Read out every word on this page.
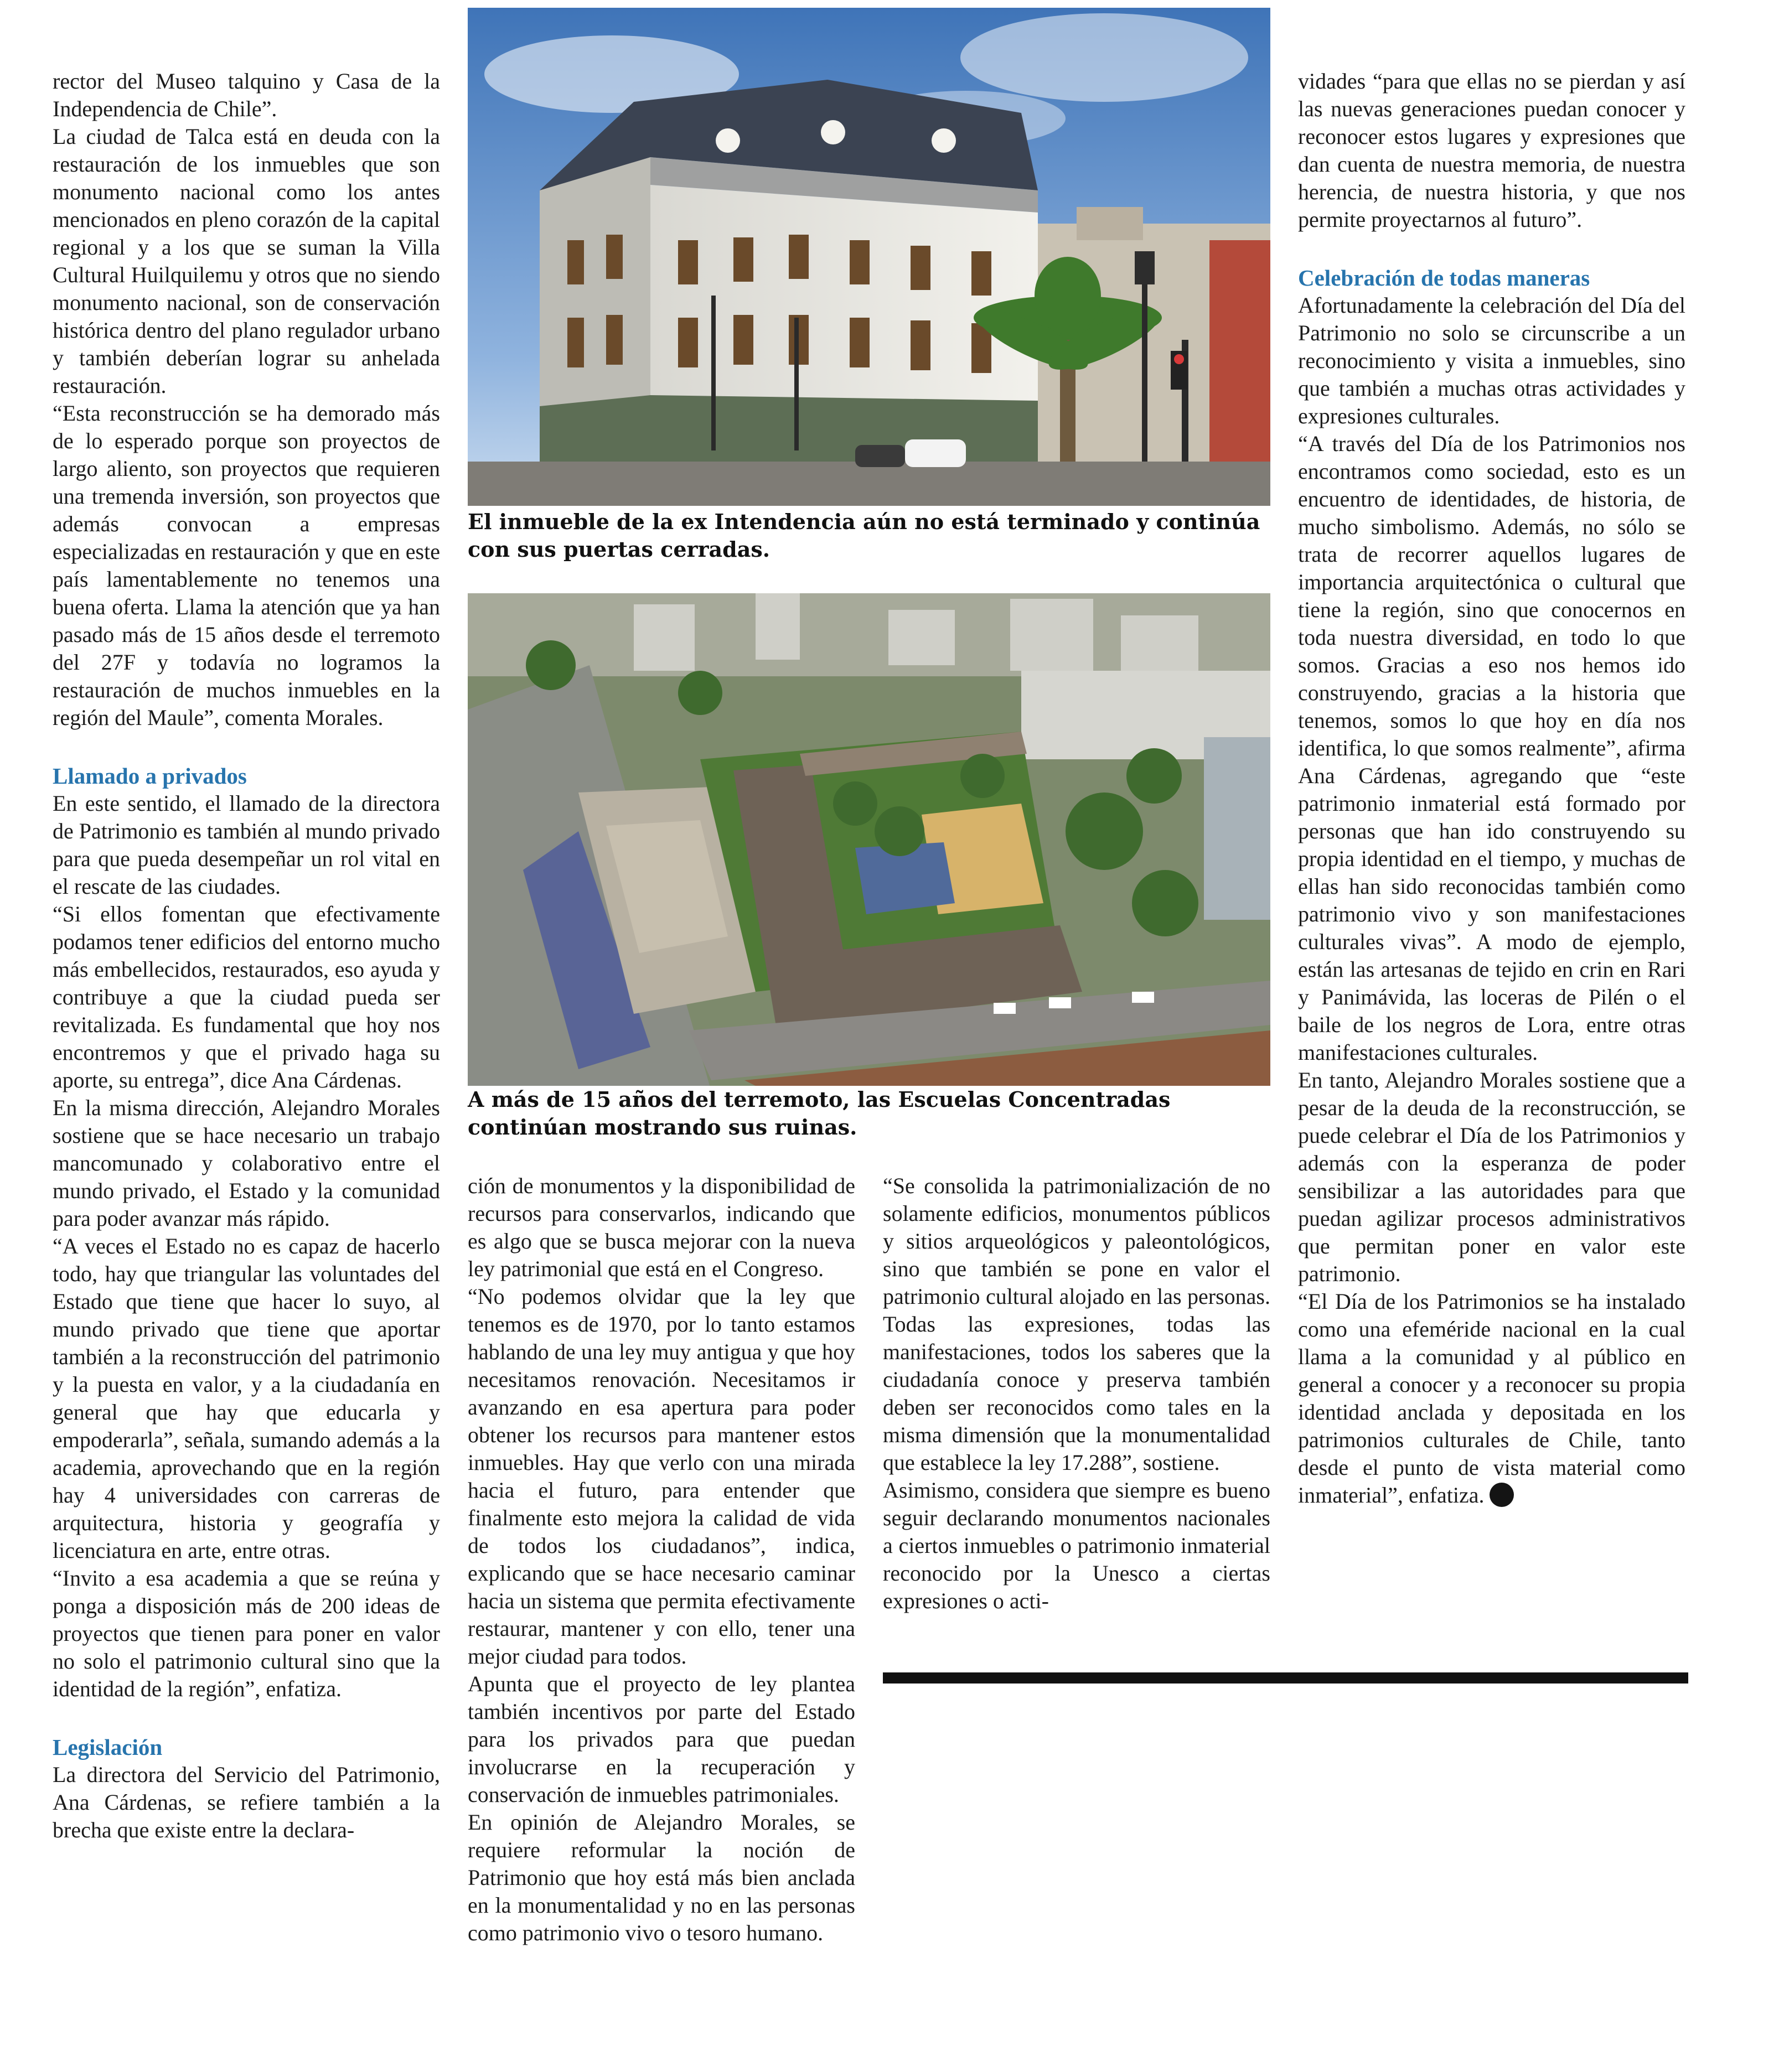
rector del Museo talquino y Casa de la Independencia de Chile”.

La ciudad de Talca está en deuda con la restauración de los inmuebles que son monumento nacional como los antes mencionados en pleno corazón de la capital regional y a los que se suman la Villa Cultural Huilquilemu y otros que no siendo monumento nacional, son de conservación histórica dentro del plano regulador urbano y también deberían lograr su anhelada restauración.

“Esta reconstrucción se ha demorado más de lo esperado porque son proyectos de largo aliento, son proyectos que requieren una tremenda inversión, son proyectos que además convocan a empresas especializadas en restauración y que en este país lamentablemente no tenemos una buena oferta. Llama la atención que ya han pasado más de 15 años desde el terremoto del 27F y todavía no logramos la restauración de muchos inmuebles en la región del Maule”, comenta Morales.

Llamado a privados

En este sentido, el llamado de la directora de Patrimonio es también al mundo privado para que pueda desempeñar un rol vital en el rescate de las ciudades.

“Si ellos fomentan que efectivamente podamos tener edificios del entorno mucho más embellecidos, restaurados, eso ayuda y contribuye a que la ciudad pueda ser revitalizada. Es fundamental que hoy nos encontremos y que el privado haga su aporte, su entrega”, dice Ana Cárdenas.

En la misma dirección, Alejandro Morales sostiene que se hace necesario un trabajo mancomunado y colaborativo entre el mundo privado, el Estado y la comunidad para poder avanzar más rápido.

“A veces el Estado no es capaz de hacerlo todo, hay que triangular las voluntades del Estado que tiene que hacer lo suyo, al mundo privado que tiene que aportar también a la reconstrucción del patrimonio y la puesta en valor, y a la ciudadanía en general que hay que educarla y empoderarla”, señala, sumando además a la academia, aprovechando que en la región hay 4 universidades con carreras de arquitectura, historia y geografía y licenciatura en arte, entre otras.

“Invito a esa academia a que se reúna y ponga a disposición más de 200 ideas de proyectos que tienen para poner en valor no solo el patrimonio cultural sino que la identidad de la región”, enfatiza.

Legislación

La directora del Servicio del Patrimonio, Ana Cárdenas, se refiere también a la brecha que existe entre la declara-

El inmueble de la ex Intendencia aún no está terminado y continúa con sus puertas cerradas.
A más de 15 años del terremoto, las Escuelas Concentradas continúan mostrando sus ruinas.

ción de monumentos y la disponibilidad de recursos para conservarlos, indicando que es algo que se busca mejorar con la nueva ley patrimonial que está en el Congreso.

“No podemos olvidar que la ley que tenemos es de 1970, por lo tanto estamos hablando de una ley muy antigua y que hoy necesitamos renovación. Necesitamos ir avanzando en esa apertura para poder obtener los recursos para mantener estos inmuebles. Hay que verlo con una mirada hacia el futuro, para entender que finalmente esto mejora la calidad de vida de todos los ciudadanos”, indica, explicando que se hace necesario caminar hacia un sistema que permita efectivamente restaurar, mantener y con ello, tener una mejor ciudad para todos.

Apunta que el proyecto de ley plantea también incentivos por parte del Estado para los privados para que puedan involucrarse en la recuperación y conservación de inmuebles patrimoniales.

En opinión de Alejandro Morales, se requiere reformular la noción de Patrimonio que hoy está más bien anclada en la monumentalidad y no en las personas como patrimonio vivo o tesoro humano.

“Se consolida la patrimonialización de no solamente edificios, monumentos públicos y sitios arqueológicos y paleontológicos, sino que también se pone en valor el patrimonio cultural alojado en las personas. Todas las expresiones, todas las manifestaciones, todos los saberes que la ciudadanía conoce y preserva también deben ser reconocidos como tales en la misma dimensión que la monumentalidad que establece la ley 17.288”, sostiene.

Asimismo, considera que siempre es bueno seguir declarando monumentos nacionales a ciertos inmuebles o patrimonio inmaterial reconocido por la Unesco a ciertas expresiones o acti-

vidades “para que ellas no se pierdan y así las nuevas generaciones puedan conocer y reconocer estos lugares y expresiones que dan cuenta de nuestra memoria, de nuestra herencia, de nuestra historia, y que nos permite proyectarnos al futuro”.

Celebración de todas maneras

Afortunadamente la celebración del Día del Patrimonio no solo se circunscribe a un reconocimiento y visita a inmuebles, sino que también a muchas otras actividades y expresiones culturales.

“A través del Día de los Patrimonios nos encontramos como sociedad, esto es un encuentro de identidades, de historia, de mucho simbolismo. Además, no sólo se trata de recorrer aquellos lugares de importancia arquitectónica o cultural que tiene la región, sino que conocernos en toda nuestra diversidad, en todo lo que somos. Gracias a eso nos hemos ido construyendo, gracias a la historia que tenemos, somos lo que hoy en día nos identifica, lo que somos realmente”, afirma Ana Cárdenas, agregando que “este patrimonio inmaterial está formado por personas que han ido construyendo su propia identidad en el tiempo, y muchas de ellas han sido reconocidas también como patrimonio vivo y son manifestaciones culturales vivas”. A modo de ejemplo, están las artesanas de tejido en crin en Rari y Panimávida, las loceras de Pilén o el baile de los negros de Lora, entre otras manifestaciones culturales.

En tanto, Alejandro Morales sostiene que a pesar de la deuda de la reconstrucción, se puede celebrar el Día de los Patrimonios y además con la esperanza de poder sensibilizar a las autoridades para que puedan agilizar procesos administrativos que permitan poner en valor este patrimonio.

“El Día de los Patrimonios se ha instalado como una efeméride nacional en la cual llama a la comunidad y al público en general a conocer y a reconocer su propia identidad anclada y depositada en los patrimonios culturales de Chile, tanto desde el punto de vista material como inmaterial”, enfatiza.
